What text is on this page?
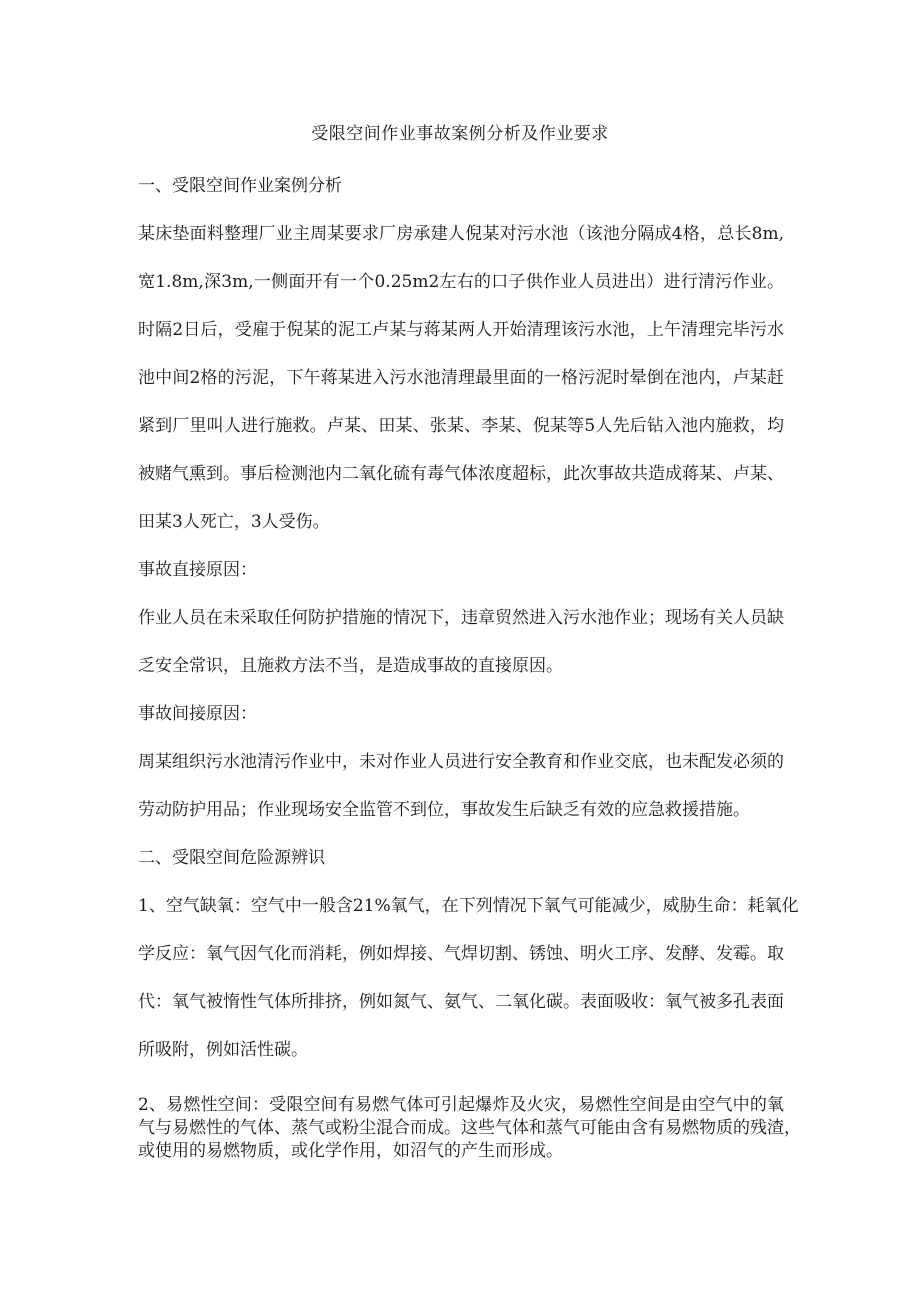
受限空间作业事故案例分析及作业要求
一、受限空间作业案例分析
某床垫面料整理厂业主周某要求厂房承建人倪某对污水池（该池分隔成4格，总长8m,
宽1.8m,深3m,一侧面开有一个0.25m2左右的口子供作业人员进出）进行清污作业。
时隔2日后，受雇于倪某的泥工卢某与蒋某两人开始清理该污水池，上午清理完毕污水
池中间2格的污泥，下午蒋某进入污水池清理最里面的一格污泥时晕倒在池内，卢某赶
紧到厂里叫人进行施救。卢某、田某、张某、李某、倪某等5人先后钻入池内施救，均
被赌气熏到。事后检测池内二氧化硫有毒气体浓度超标，此次事故共造成蒋某、卢某、
田某3人死亡，3人受伤。
事故直接原因：
作业人员在未采取任何防护措施的情况下，违章贸然进入污水池作业；现场有关人员缺
乏安全常识，且施救方法不当，是造成事故的直接原因。
事故间接原因：
周某组织污水池清污作业中，未对作业人员进行安全教育和作业交底，也未配发必须的
劳动防护用品；作业现场安全监管不到位，事故发生后缺乏有效的应急救援措施。
二、受限空间危险源辨识
1、空气缺氧：空气中一般含21%氧气，在下列情况下氧气可能减少，威胁生命：耗氧化
学反应：氧气因气化而消耗，例如焊接、气焊切割、锈蚀、明火工序、发酵、发霉。取
代：氧气被惰性气体所排挤，例如氮气、氨气、二氧化碳。表面吸收：氧气被多孔表面
所吸附，例如活性碳。
2、易燃性空间：受限空间有易燃气体可引起爆炸及火灾，易燃性空间是由空气中的氧
气与易燃性的气体、蒸气或粉尘混合而成。这些气体和蒸气可能由含有易燃物质的残渣，
或使用的易燃物质，或化学作用，如沼气的产生而形成。
